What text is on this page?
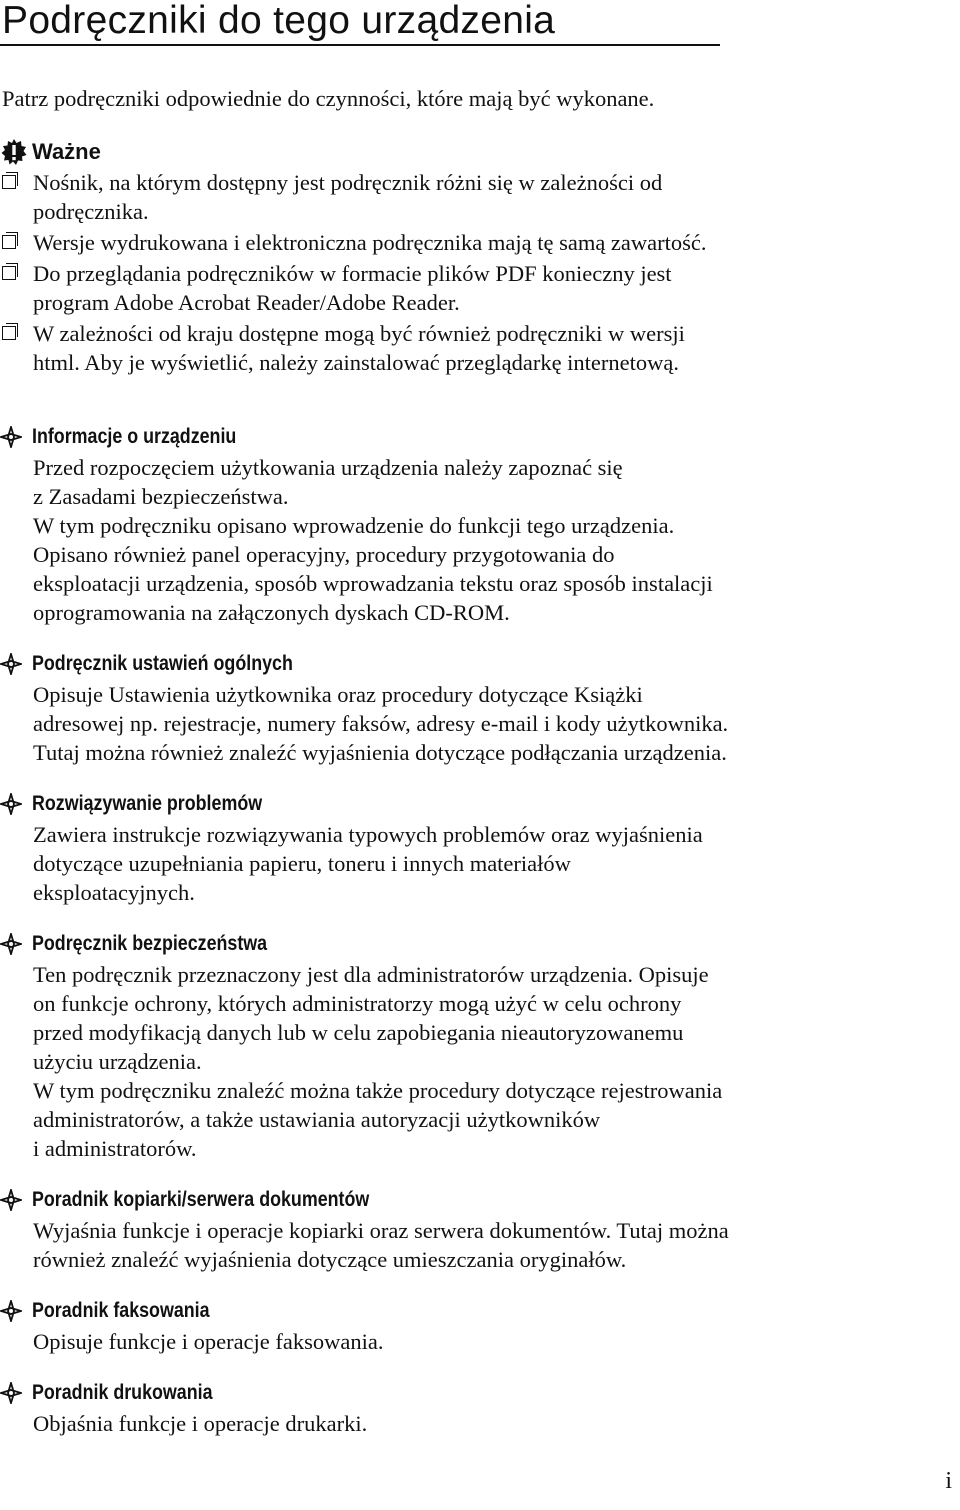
Podręczniki do tego urządzenia

Patrz podręczniki odpowiednie do czynności, które mają być wykonane.

Ważne
Nośnik, na którym dostępny jest podręcznik różni się w zależności od
podręcznika.
Wersje wydrukowana i elektroniczna podręcznika mają tę samą zawartość.
Do przeglądania podręczników w formacie plików PDF konieczny jest
program Adobe Acrobat Reader/Adobe Reader.
W zależności od kraju dostępne mogą być również podręczniki w wersji
html. Aby je wyświetlić, należy zainstalować przeglądarkę internetową.
Informacje o urządzeniu

Przed rozpoczęciem użytkowania urządzenia należy zapoznać się

z Zasadami bezpieczeństwa.

W tym podręczniku opisano wprowadzenie do funkcji tego urządzenia.

Opisano również panel operacyjny, procedury przygotowania do

eksploatacji urządzenia, sposób wprowadzania tekstu oraz sposób instalacji

oprogramowania na załączonych dyskach CD-ROM.

Podręcznik ustawień ogólnych

Opisuje Ustawienia użytkownika oraz procedury dotyczące Książki

adresowej np. rejestracje, numery faksów, adresy e-mail i kody użytkownika.

Tutaj można również znaleźć wyjaśnienia dotyczące podłączania urządzenia.

Rozwiązywanie problemów

Zawiera instrukcje rozwiązywania typowych problemów oraz wyjaśnienia

dotyczące uzupełniania papieru, toneru i innych materiałów

eksploatacyjnych.

Podręcznik bezpieczeństwa

Ten podręcznik przeznaczony jest dla administratorów urządzenia. Opisuje

on funkcje ochrony, których administratorzy mogą użyć w celu ochrony

przed modyfikacją danych lub w celu zapobiegania nieautoryzowanemu

użyciu urządzenia.

W tym podręczniku znaleźć można także procedury dotyczące rejestrowania

administratorów, a także ustawiania autoryzacji użytkowników

i administratorów.

Poradnik kopiarki/serwera dokumentów

Wyjaśnia funkcje i operacje kopiarki oraz serwera dokumentów. Tutaj można

również znaleźć wyjaśnienia dotyczące umieszczania oryginałów.

Poradnik faksowania

Opisuje funkcje i operacje faksowania.

Poradnik drukowania

Objaśnia funkcje i operacje drukarki.

i
